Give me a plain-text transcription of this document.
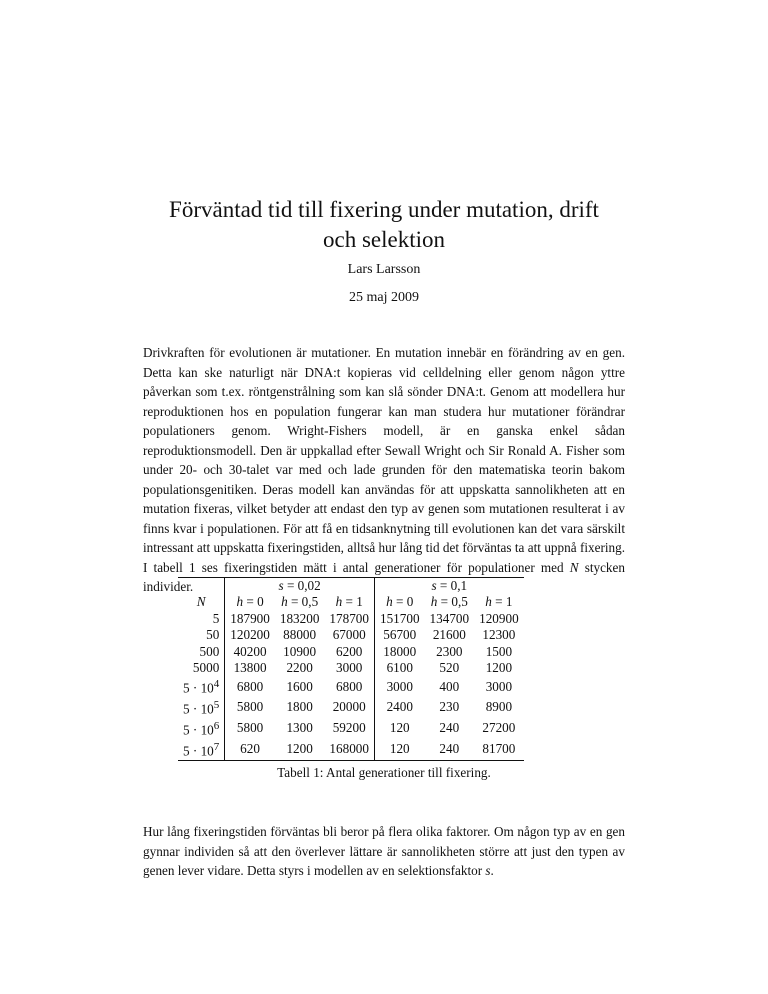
Förväntad tid till fixering under mutation, drift och selektion
Lars Larsson
25 maj 2009

Drivkraften för evolutionen är mutationer. En mutation innebär en förändring av en gen. Detta kan ske naturligt när DNA:t kopieras vid celldelning eller genom någon yttre påverkan som t.ex. röntgenstrålning som kan slå sönder DNA:t. Genom att modellera hur reproduktionen hos en population fungerar kan man studera hur mutationer förändrar populationers genom. Wright-Fishers modell, är en ganska enkel sådan reproduktionsmodell. Den är uppkallad efter Sewall Wright och Sir Ronald A. Fisher som under 20- och 30-talet var med och lade grunden för den matematiska teorin bakom populationsgenitiken. Deras modell kan användas för att uppskatta sannolikheten att en mutation fixeras, vilket betyder att endast den typ av genen som mutationen resulterat i av finns kvar i populationen. För att få en tidsanknytning till evolutionen kan det vara särskilt intressant att uppskatta fixeringstiden, alltså hur lång tid det förväntas ta att uppnå fixering. I tabell 1 ses fixeringstiden mätt i antal generationer för populationer med N stycken individer.

		s = 0,02			s = 0,1		
N	h = 0	h = 0,5	h = 1	h = 0	h = 0,5	h = 1
5	187900	183200	178700	151700	134700	120900
50	120200	88000	67000	56700	21600	12300
500	40200	10900	6200	18000	2300	1500
5000	13800	2200	3000	6100	520	1200
$5 \cdot 10^4$	6800	1600	6800	3000	400	3000
$5 \cdot 10^5$	5800	1800	20000	2400	230	8900
$5 \cdot 10^6$	5800	1300	59200	120	240	27200
$5 \cdot 10^7$	620	1200	168000	120	240	81700
Tabell 1: Antal generationer till fixering.

Hur lång fixeringstiden förväntas bli beror på flera olika faktorer. Om någon typ av en gen gynnar individen så att den överlever lättare är sannolikheten större att just den typen av genen lever vidare. Detta styrs i modellen av en selektionsfaktor s.
